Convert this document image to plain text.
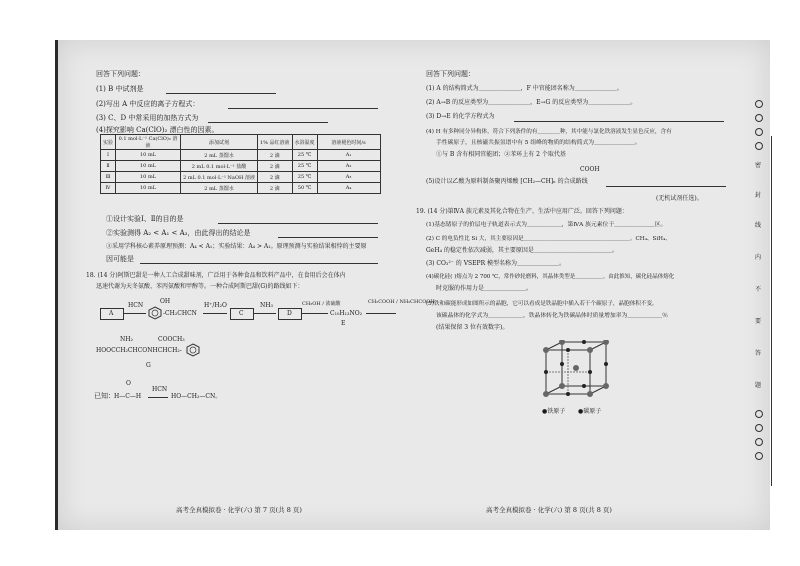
回答下列问题：
(1) B 中试剂是
(2)写出 A 中反应的离子方程式：
(3) C、D 中常采用的加热方式为
(4)探究影响 Ca(ClO)₂ 漂白性的因素。
实验	0.1 mol·L⁻¹ Ca(ClO)₂ 溶液	添加试剂	1% 品红溶液	水浴温度	溶液褪色时间/s
Ⅰ	10 mL	2 mL 蒸馏水	2 滴	25 ℃	A₁
Ⅱ	10 mL	2 mL 0.1 mol·L⁻¹ 盐酸	2 滴	25 ℃	A₂
Ⅲ	10 mL	2 mL 0.1 mol·L⁻¹ NaOH 溶液	2 滴	25 ℃	A₃
Ⅳ	10 mL	2 mL 蒸馏水	2 滴	50 ℃	A₄
①设计实验Ⅰ、Ⅱ的目的是
②实验测得 A₂ < A₁ < A₃，由此得出的结论是
③采用学科核心素养原理预测：A₄ < A₁；实验结果：A₄ > A₁。原理预测与实验结果相悖的主要原
因可能是
18. (14 分)阿斯巴甜是一种人工合成甜味剂，广泛用于各种食品和饮料产品中，在食用后会在体内
迅速代谢为天冬氨酸、苯丙氨酸和甲醇等。一种合成阿斯巴甜(G)的路线如下：
A
HCN
OH
-CH₂CHCN
H⁺/H₂O
C
NH₃
D
CH₃OH / 浓硫酸
C₁₀H₁₃NO₂
CH₂COOH / NH₂CHCOOH
E
NH₂	COOCH₃
HOOCCH₂CHCONHCHCH₂-
G
O
已知： H—C—H
HCN
HO—CH₂—CN。
回答下列问题：
(1) A 的结构简式为＿＿＿＿＿＿＿，F 中官能团名称为＿＿＿＿＿＿＿。
(2) A→B 的反应类型为＿＿＿＿＿＿＿，E→G 的反应类型为＿＿＿＿＿＿＿。
(3) D→E 的化学方程式为
(4) H 有多种同分异构体，符合下列条件的有＿＿＿＿种，其中能与氯化铁溶液发生显色反应，含有
手性碳原子，且核磁共振氢谱中有 5 组峰的物质的结构简式为＿＿＿＿＿＿＿。
①与 B 含有相同官能团；②苯环上有 2 个取代基
COOH
(5)设计以乙酸为原料制备聚丙烯酸 [CH₂—CH]ₙ 的合成路线
(无机试剂任选)。
19. (14 分)第ⅣA 族元素及其化合物在生产、生活中应用广泛。回答下列问题：
(1)基态锗原子的价层电子轨道表示式为＿＿＿＿＿＿，第ⅣA 族元素位于＿＿＿＿＿＿＿区。
(2) C 的电负性比 Si 大，其主要原因是＿＿＿＿＿＿＿＿＿＿＿＿＿＿＿＿＿＿＿。CH₄、SiH₄、
GeH₄ 的稳定性依次减弱，其主要原因是＿＿＿＿＿＿＿＿＿＿＿＿＿。
(3) CO₃²⁻ 的 VSEPR 模型名称为＿＿＿＿＿＿＿。
(4)碳化硅( )熔点为 2 700 ℃，常作砂轮磨料，其晶体类型是＿＿＿＿＿。由此推知，碳化硅晶体熔化
时克服的作用力是＿＿＿＿＿＿＿。
(5)铁和碳能形成如图所示的晶胞，它可以看成是铁晶胞中插入若干个碳原子，晶胞体积不变。
该碳晶体的化学式为＿＿＿＿＿＿，铁晶体转化为铁碳晶体时质量增加率为＿＿＿＿＿＿％
(结果保留 3 位有效数字)。
●铁原子 ●碳原子
密
封
线
内
不
要
答
题
高考全真模拟卷 · 化学(六) 第 7 页(共 8 页)	高考全真模拟卷 · 化学(六) 第 8 页(共 8 页)
